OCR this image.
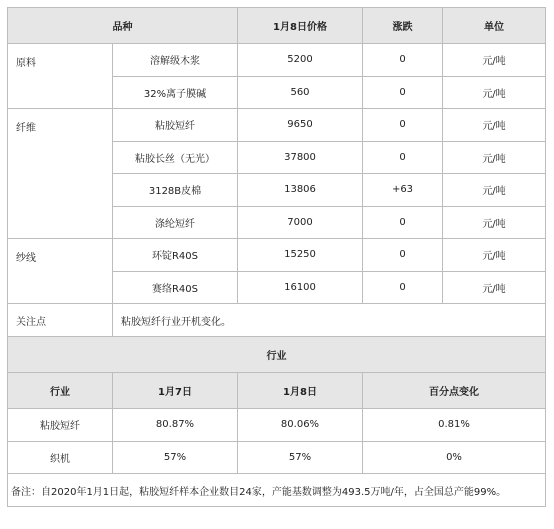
品种		1月8日价格	涨跌	单位
原料	溶解级木浆	5200	0	元/吨
	32%离子膜碱	560	0	元/吨
纤维	粘胶短纤	9650	0	元/吨
	粘胶长丝（无光）	37800	0	元/吨
	3128B皮棉	13806	+63	元/吨
	涤纶短纤	7000	0	元/吨
纱线	环锭R40S	15250	0	元/吨
	赛络R40S	16100	0	元/吨
关注点	粘胶短纤行业开机变化。			
行业			
行业	1月7日	1月8日	百分点变化
粘胶短纤	80.87%	80.06%	0.81%
织机	57%	57%	0%
备注：自2020年1月1日起，粘胶短纤样本企业数目24家，产能基数调整为493.5万吨/年，占全国总产能99%。			
